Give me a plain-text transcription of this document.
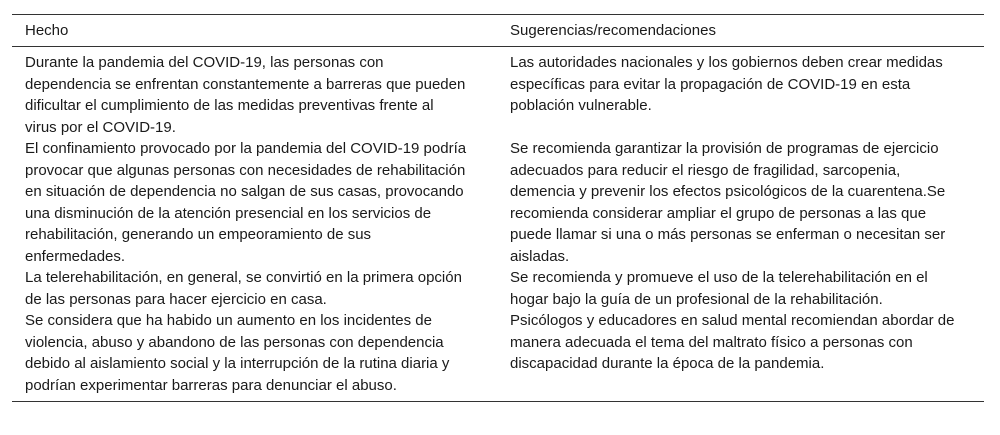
Hecho	Sugerencias/recomendaciones
Durante la pandemia del COVID-19, las personas con dependencia se enfrentan constantemente a barreras que pueden dificultar el cumplimiento de las medidas preventivas frente al virus por el COVID-19.
Las autoridades nacionales y los gobiernos deben crear medidas específicas para evitar la propagación de COVID-19 en esta población vulnerable.
El confinamiento provocado por la pandemia del COVID-19 podría provocar que algunas personas con necesidades de rehabilitación en situación de dependencia no salgan de sus casas, provocando una disminución de la atención presencial en los servicios de rehabilitación, generando un empeoramiento de sus enfermedades.
Se recomienda garantizar la provisión de programas de ejercicio adecuados para reducir el riesgo de fragilidad, sarcopenia, demencia y prevenir los efectos psicológicos de la cuarentena.Se recomienda considerar ampliar el grupo de personas a las que puede llamar si una o más personas se enferman o necesitan ser aisladas.
La telerehabilitación, en general, se convirtió en la primera opción de las personas para hacer ejercicio en casa.
Se recomienda y promueve el uso de la telerehabilitación en el hogar bajo la guía de un profesional de la rehabilitación.
Se considera que ha habido un aumento en los incidentes de violencia, abuso y abandono de las personas con dependencia debido al aislamiento social y la interrupción de la rutina diaria y podrían experimentar barreras para denunciar el abuso.
Psicólogos y educadores en salud mental recomiendan abordar de manera adecuada el tema del maltrato físico a personas con discapacidad durante la época de la pandemia.
